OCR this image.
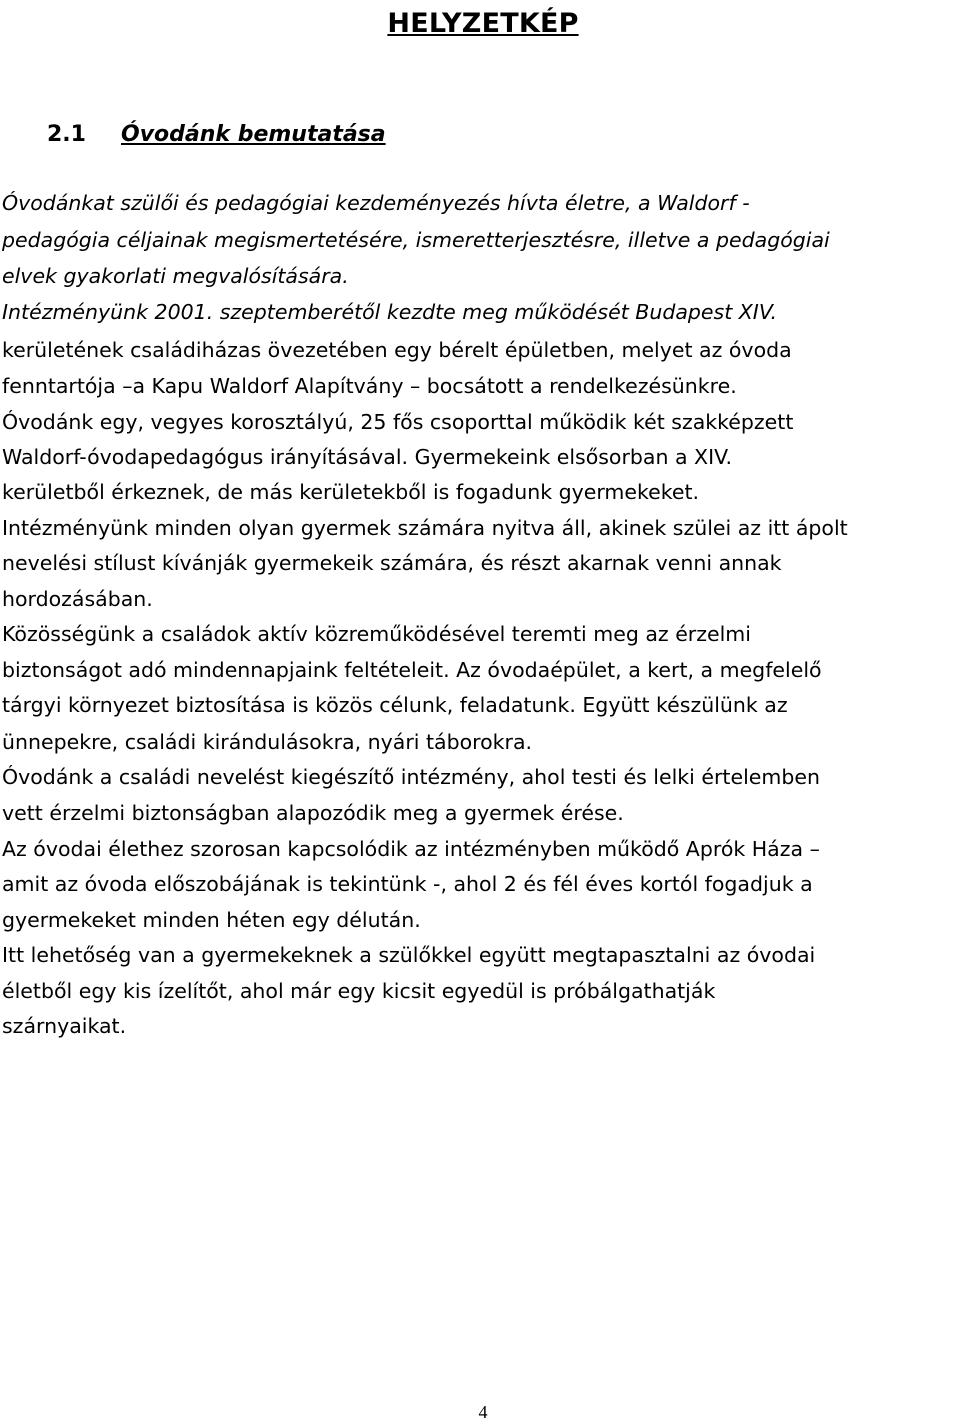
HELYZETKÉP
2.1 Óvodánk bemutatása

Óvodánkat szülői és pedagógiai kezdeményezés hívta életre, a Waldorf -

pedagógia céljainak megismertetésére, ismeretterjesztésre, illetve a pedagógiai

elvek gyakorlati megvalósítására.

Intézményünk 2001. szeptemberétől kezdte meg működését Budapest XIV.

kerületének családiházas övezetében egy bérelt épületben, melyet az óvoda

fenntartója –a Kapu Waldorf Alapítvány – bocsátott a rendelkezésünkre.

Óvodánk egy, vegyes korosztályú, 25 fős csoporttal működik két szakképzett

Waldorf-óvodapedagógus irányításával. Gyermekeink elsősorban a XIV.

kerületből érkeznek, de más kerületekből is fogadunk gyermekeket.

Intézményünk minden olyan gyermek számára nyitva áll, akinek szülei az itt ápolt

nevelési stílust kívánják gyermekeik számára, és részt akarnak venni annak

hordozásában.

Közösségünk a családok aktív közreműködésével teremti meg az érzelmi

biztonságot adó mindennapjaink feltételeit. Az óvodaépület, a kert, a megfelelő

tárgyi környezet biztosítása is közös célunk, feladatunk. Együtt készülünk az

ünnepekre, családi kirándulásokra, nyári táborokra.

Óvodánk a családi nevelést kiegészítő intézmény, ahol testi és lelki értelemben

vett érzelmi biztonságban alapozódik meg a gyermek érése.

Az óvodai élethez szorosan kapcsolódik az intézményben működő Aprók Háza –

amit az óvoda előszobájának is tekintünk -, ahol 2 és fél éves kortól fogadjuk a

gyermekeket minden héten egy délután.

Itt lehetőség van a gyermekeknek a szülőkkel együtt megtapasztalni az óvodai

életből egy kis ízelítőt, ahol már egy kicsit egyedül is próbálgathatják

szárnyaikat.

4
